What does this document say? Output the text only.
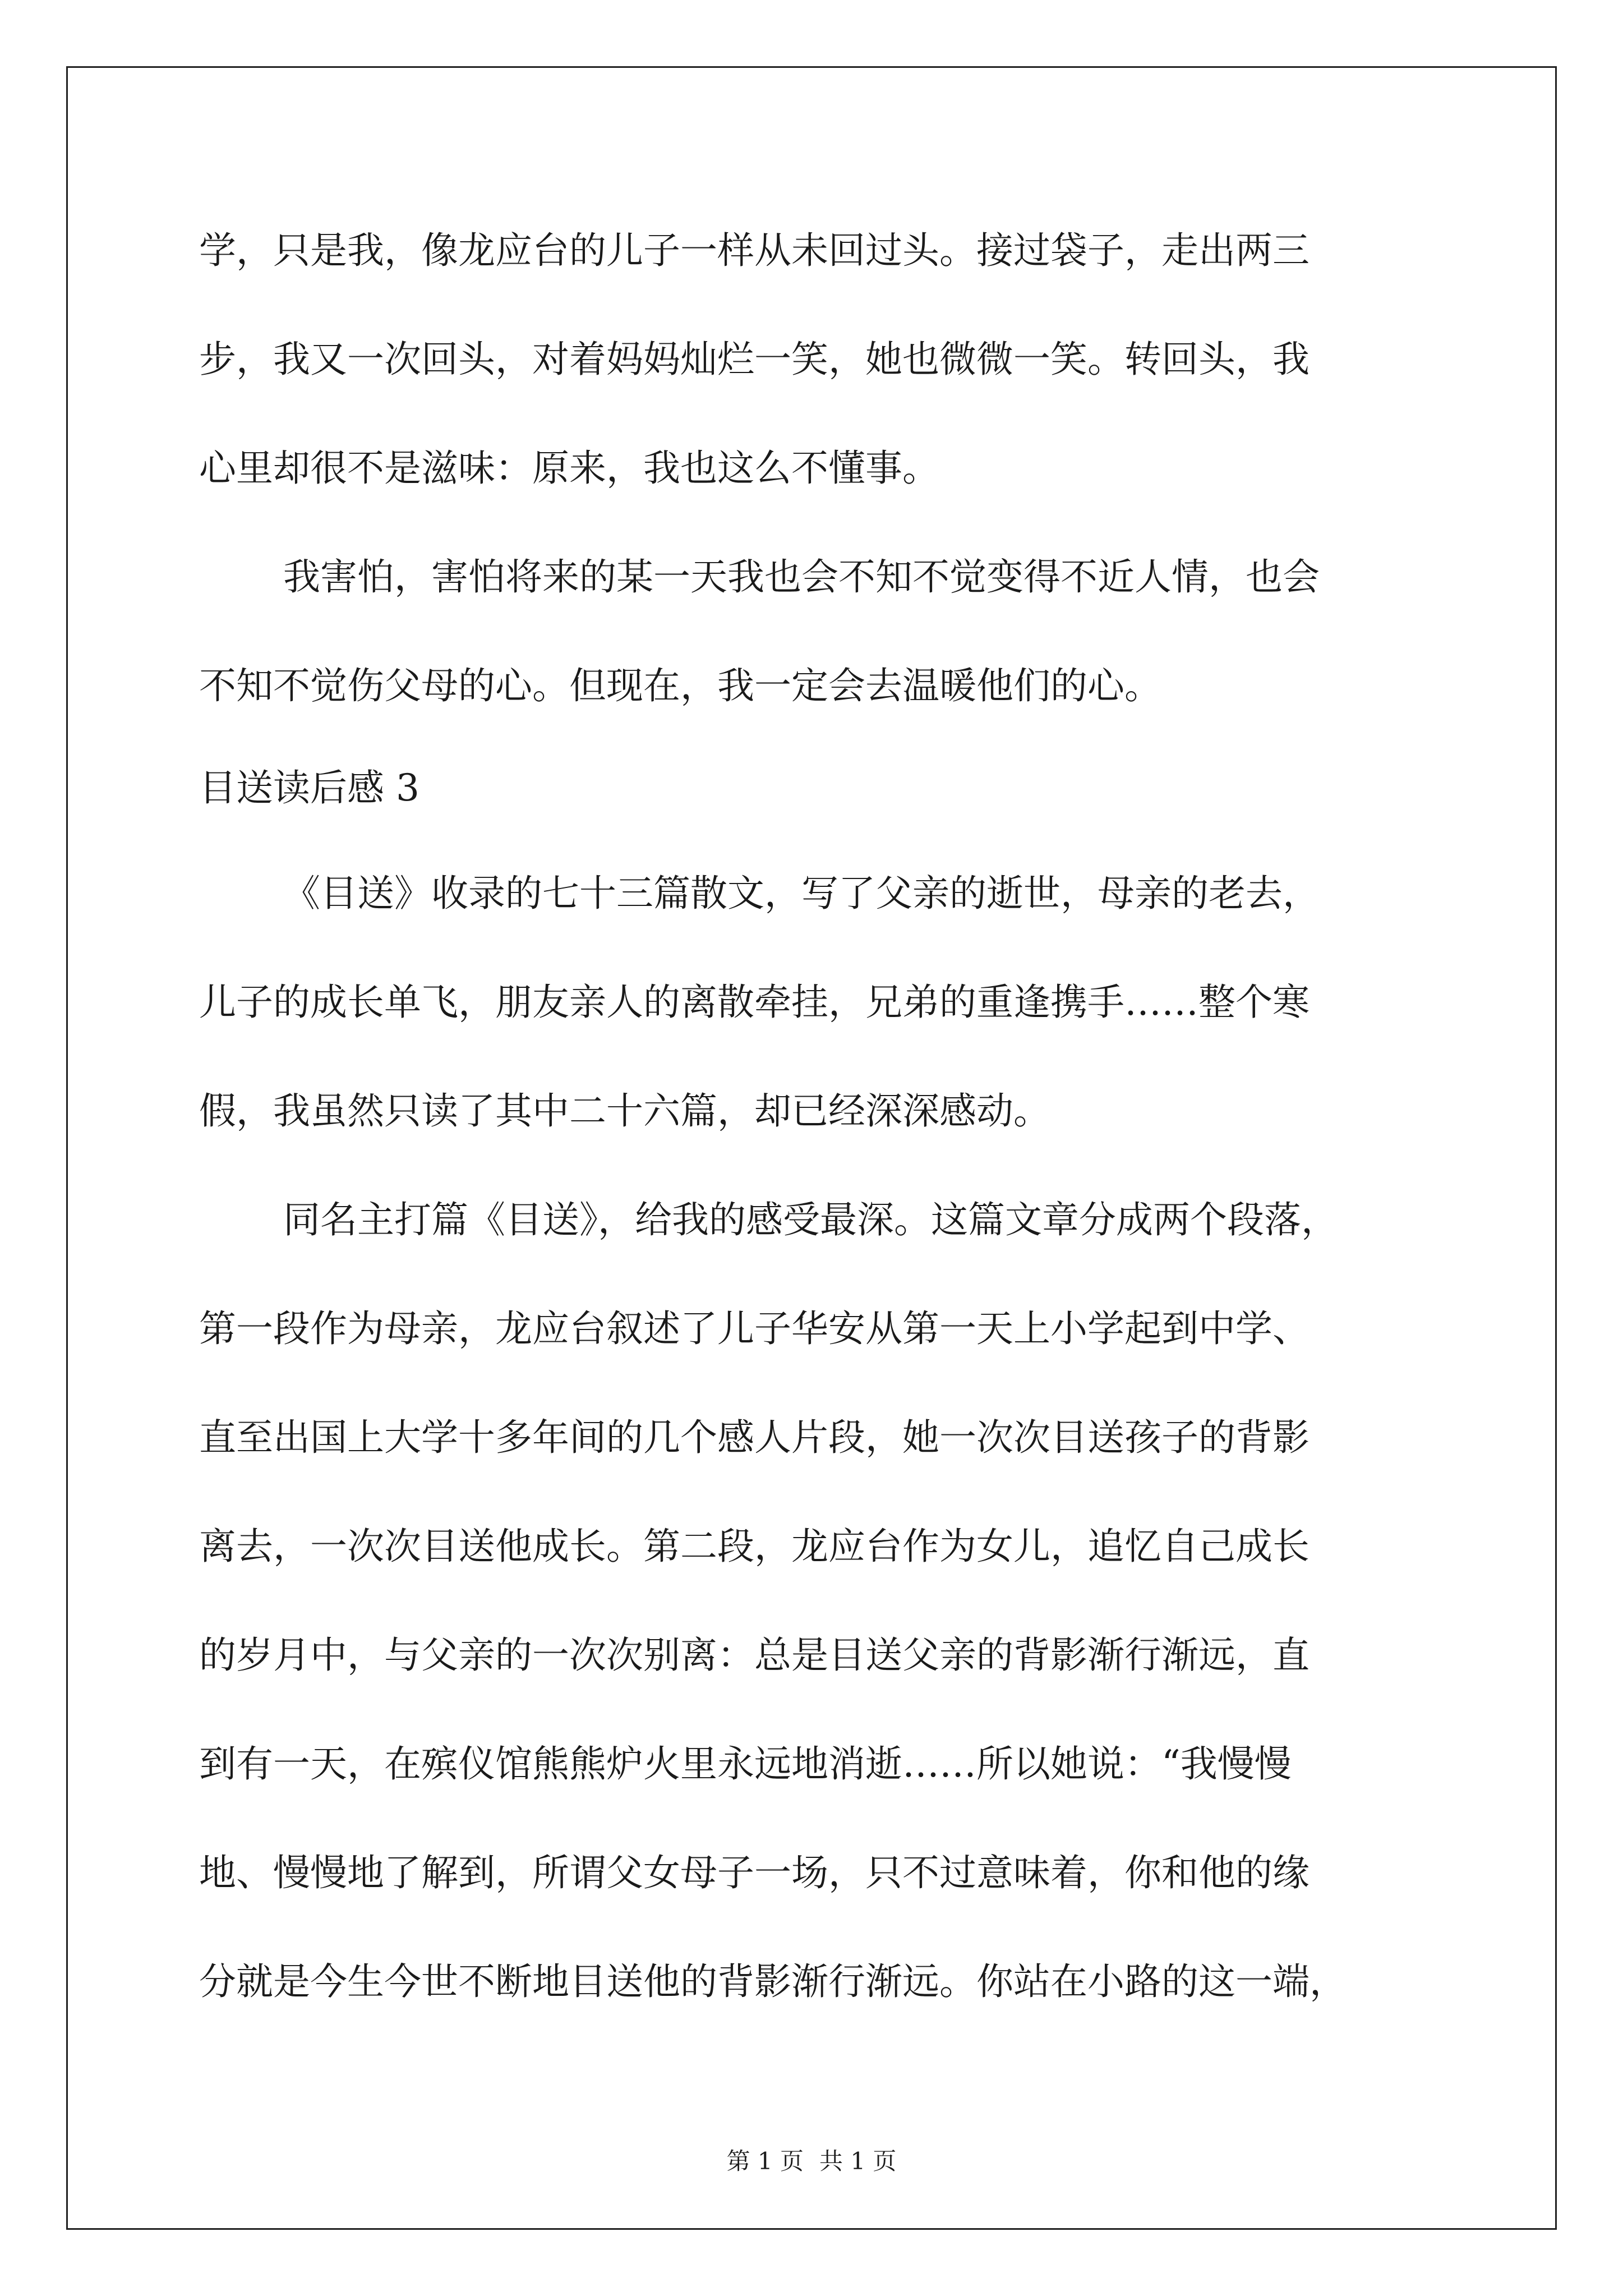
学，只是我，像龙应台的儿子一样从未回过头。接过袋子，走出两三
步，我又一次回头，对着妈妈灿烂一笑，她也微微一笑。转回头，我
心里却很不是滋味：原来，我也这么不懂事。
我害怕，害怕将来的某一天我也会不知不觉变得不近人情，也会
不知不觉伤父母的心。但现在，我一定会去温暖他们的心。
目送读后感 3
《目送》收录的七十三篇散文，写了父亲的逝世，母亲的老去，
儿子的成长单飞，朋友亲人的离散牵挂，兄弟的重逢携手……整个寒
假，我虽然只读了其中二十六篇，却已经深深感动。
同名主打篇《目送》，给我的感受最深。这篇文章分成两个段落，
第一段作为母亲，龙应台叙述了儿子华安从第一天上小学起到中学、
直至出国上大学十多年间的几个感人片段，她一次次目送孩子的背影
离去，一次次目送他成长。第二段，龙应台作为女儿，追忆自己成长
的岁月中，与父亲的一次次别离：总是目送父亲的背影渐行渐远，直
到有一天，在殡仪馆熊熊炉火里永远地消逝……所以她说：“我慢慢
地、慢慢地了解到，所谓父女母子一场，只不过意味着，你和他的缘
分就是今生今世不断地目送他的背影渐行渐远。你站在小路的这一端，
第 1 页 共 1 页
